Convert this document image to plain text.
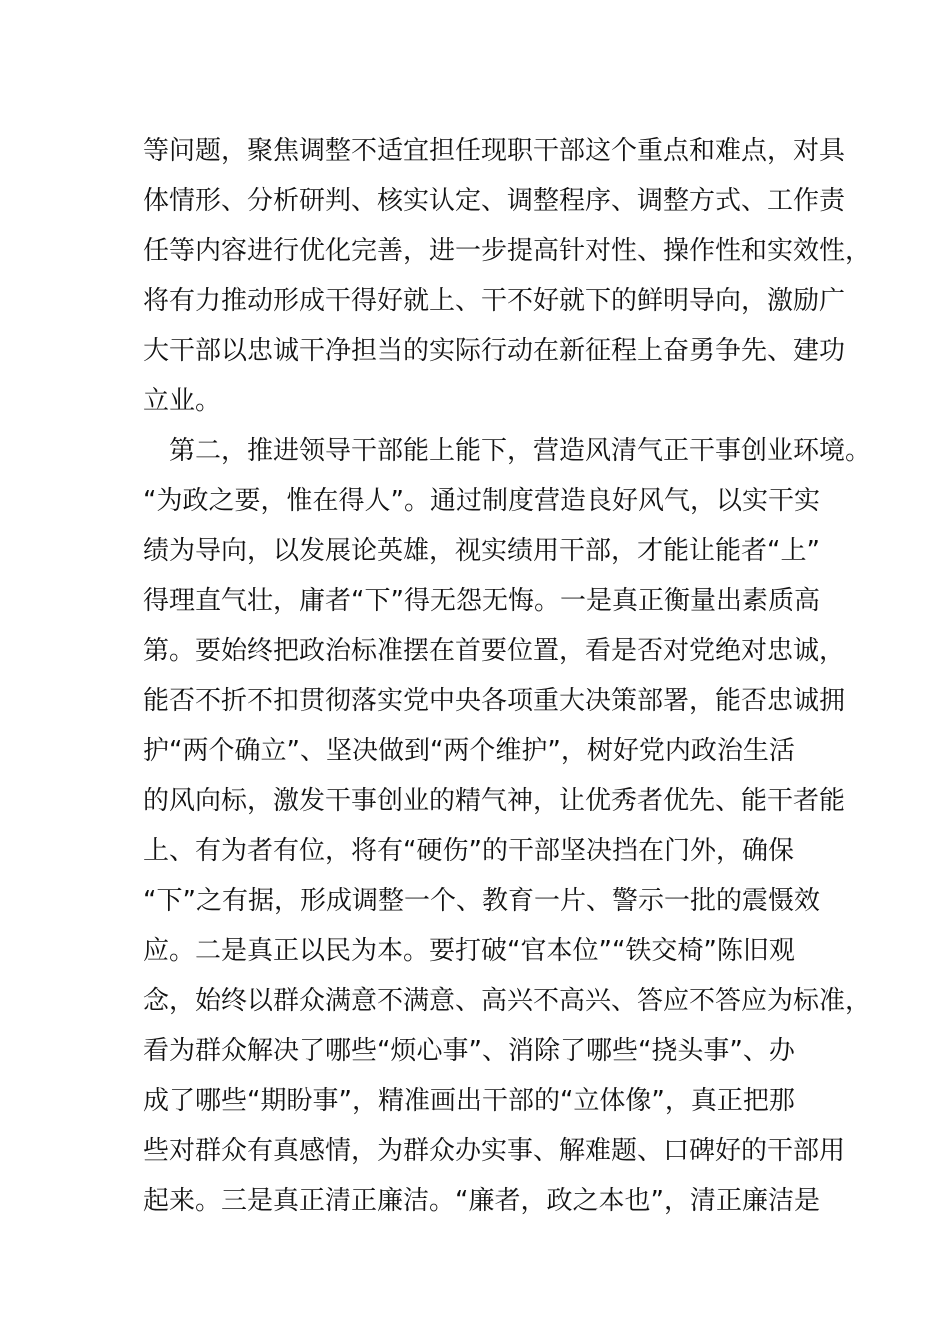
等问题，聚焦调整不适宜担任现职干部这个重点和难点，对具
体情形、分析研判、核实认定、调整程序、调整方式、工作责
任等内容进行优化完善，进一步提高针对性、操作性和实效性，
将有力推动形成干得好就上、干不好就下的鲜明导向，激励广
大干部以忠诚干净担当的实际行动在新征程上奋勇争先、建功
立业。
　第二，推进领导干部能上能下，营造风清气正干事创业环境。
“为政之要，惟在得人”。通过制度营造良好风气，以实干实
绩为导向，以发展论英雄，视实绩用干部，才能让能者“上”
得理直气壮，庸者“下”得无怨无悔。一是真正衡量出素质高
第。要始终把政治标准摆在首要位置，看是否对党绝对忠诚，
能否不折不扣贯彻落实党中央各项重大决策部署，能否忠诚拥
护“两个确立”、坚决做到“两个维护”，树好党内政治生活
的风向标，激发干事创业的精气神，让优秀者优先、能干者能
上、有为者有位，将有“硬伤”的干部坚决挡在门外，确保
“下”之有据，形成调整一个、教育一片、警示一批的震慑效
应。二是真正以民为本。要打破“官本位”“铁交椅”陈旧观
念，始终以群众满意不满意、高兴不高兴、答应不答应为标准，
看为群众解决了哪些“烦心事”、消除了哪些“挠头事”、办
成了哪些“期盼事”，精准画出干部的“立体像”，真正把那
些对群众有真感情，为群众办实事、解难题、口碑好的干部用
起来。三是真正清正廉洁。“廉者，政之本也”，清正廉洁是
